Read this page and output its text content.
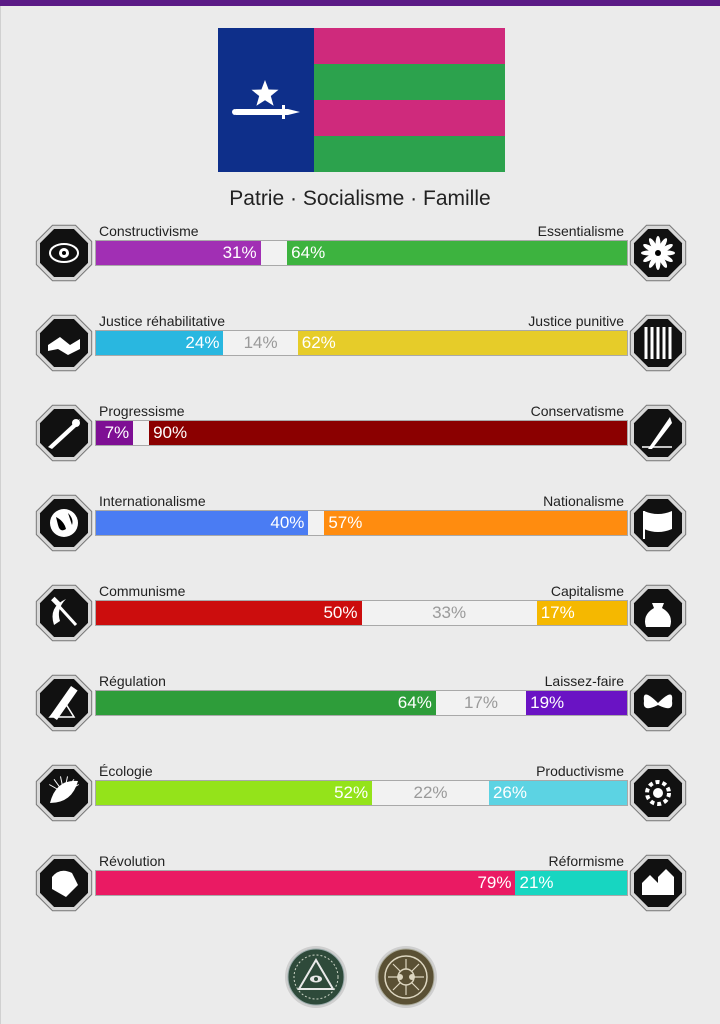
Patrie · Socialisme · Famille
Constructivisme	Essentialisme
31% 64%
Justice réhabilitative	Justice punitive
24%	14%	62%
Progressisme	Conservatisme
7% 90%
Internationalisme	Nationalisme
40% 57%
Communisme	Capitalisme
50%	33%	17%
Régulation	Laissez-faire
64%	17%	19%
Écologie	Productivisme
52%	22%	26%
Révolution	Réformisme
79% 21%
